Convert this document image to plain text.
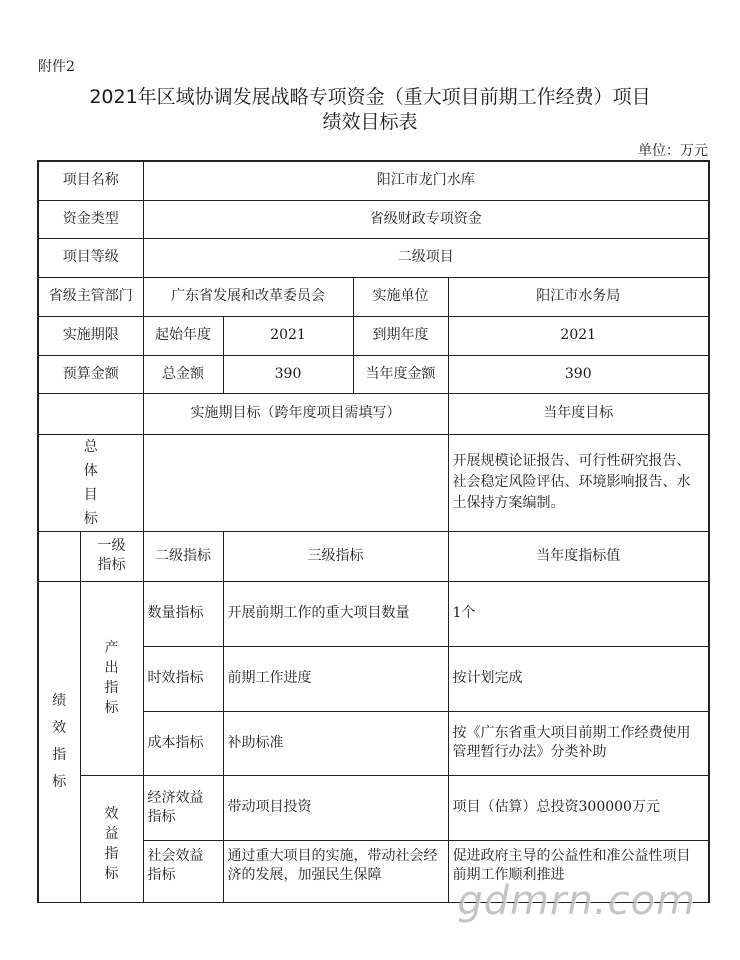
附件2
2021年区域协调发展战略专项资金（重大项目前期工作经费）项目
绩效目标表
单位：万元
项目名称		阳江市龙门水库			
资金类型		省级财政专项资金			
项目等级		二级项目			
省级主管部门		广东省发展和改革委员会		实施单位	阳江市水务局
实施期限		起始年度	2021	到期年度	2021
预算金额		总金额	390	当年度金额	390
		实施期目标（跨年度项目需填写）			当年度目标
总体目标					开展规模论证报告、可行性研究报告、社会稳定风险评估、环境影响报告、水土保持方案编制。
	一级指标	二级指标	三级指标		当年度指标值
绩效指标	产出指标	数量指标	开展前期工作的重大项目数量		1个
		时效指标	前期工作进度		按计划完成
		成本指标	补助标准		按《广东省重大项目前期工作经费使用管理暂行办法》分类补助
	效益指标	经济效益指标	带动项目投资		项目（估算）总投资300000万元
		社会效益指标	通过重大项目的实施，带动社会经济的发展，加强民生保障		促进政府主导的公益性和准公益性项目前期工作顺利推进
gdmrn.com
